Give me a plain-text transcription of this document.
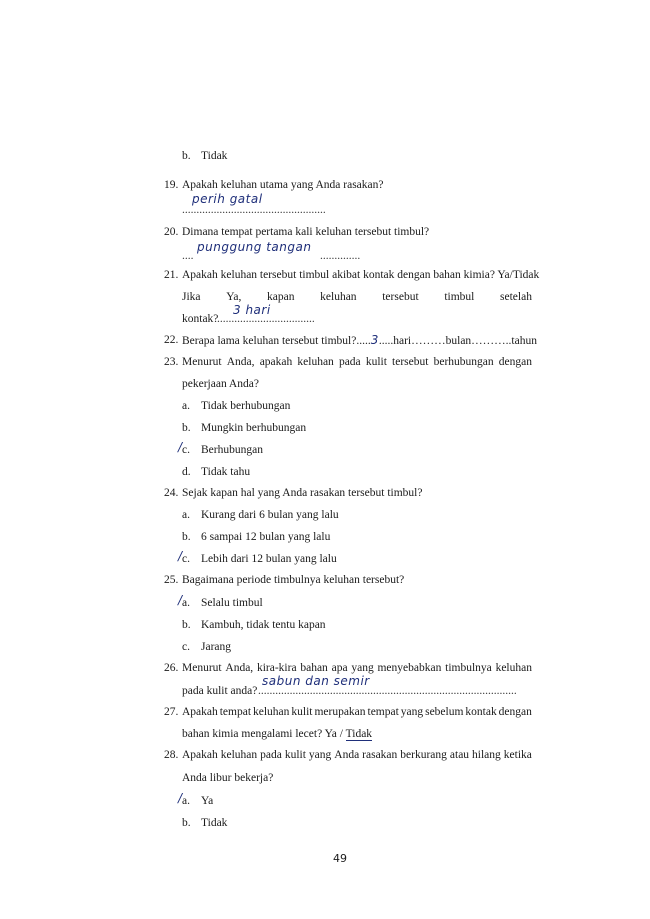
b. Tidak
19. Apakah keluhan utama yang Anda rasakan?
..................................................
perih gatal
20. Dimana tempat pertama kali keluhan tersebut timbul?
....
punggung tangan
..............
21. Apakah keluhan tersebut timbul akibat kontak dengan bahan kimia? Ya/Tidak
Jika Ya, kapan keluhan tersebut timbul setelah
kontak?
..................................
3 hari
22. Berapa lama keluhan tersebut timbul?.....3.....hari………bulan………..tahun
23. Menurut Anda, apakah keluhan pada kulit tersebut berhubungan dengan
pekerjaan Anda?
a. Tidak berhubungan
b. Mungkin berhubungan
c.
/ Berhubungan
d. Tidak tahu
24. Sejak kapan hal yang Anda rasakan tersebut timbul?
a. Kurang dari 6 bulan yang lalu
b. 6 sampai 12 bulan yang lalu
c.
/ Lebih dari 12 bulan yang lalu
25. Bagaimana periode timbulnya keluhan tersebut?
a.
/ Selalu timbul
b. Kambuh, tidak tentu kapan
c. Jarang
26. Menurut Anda, kira-kira bahan apa yang menyebabkan timbulnya keluhan
pada kulit anda? ..........................................................................................
sabun dan semir
27. Apakah tempat keluhan kulit merupakan tempat yang sebelum kontak dengan
bahan kimia mengalami lecet? Ya / Tidak
28. Apakah keluhan pada kulit yang Anda rasakan berkurang atau hilang ketika
Anda libur bekerja?
a.
/ Ya
b. Tidak
49
